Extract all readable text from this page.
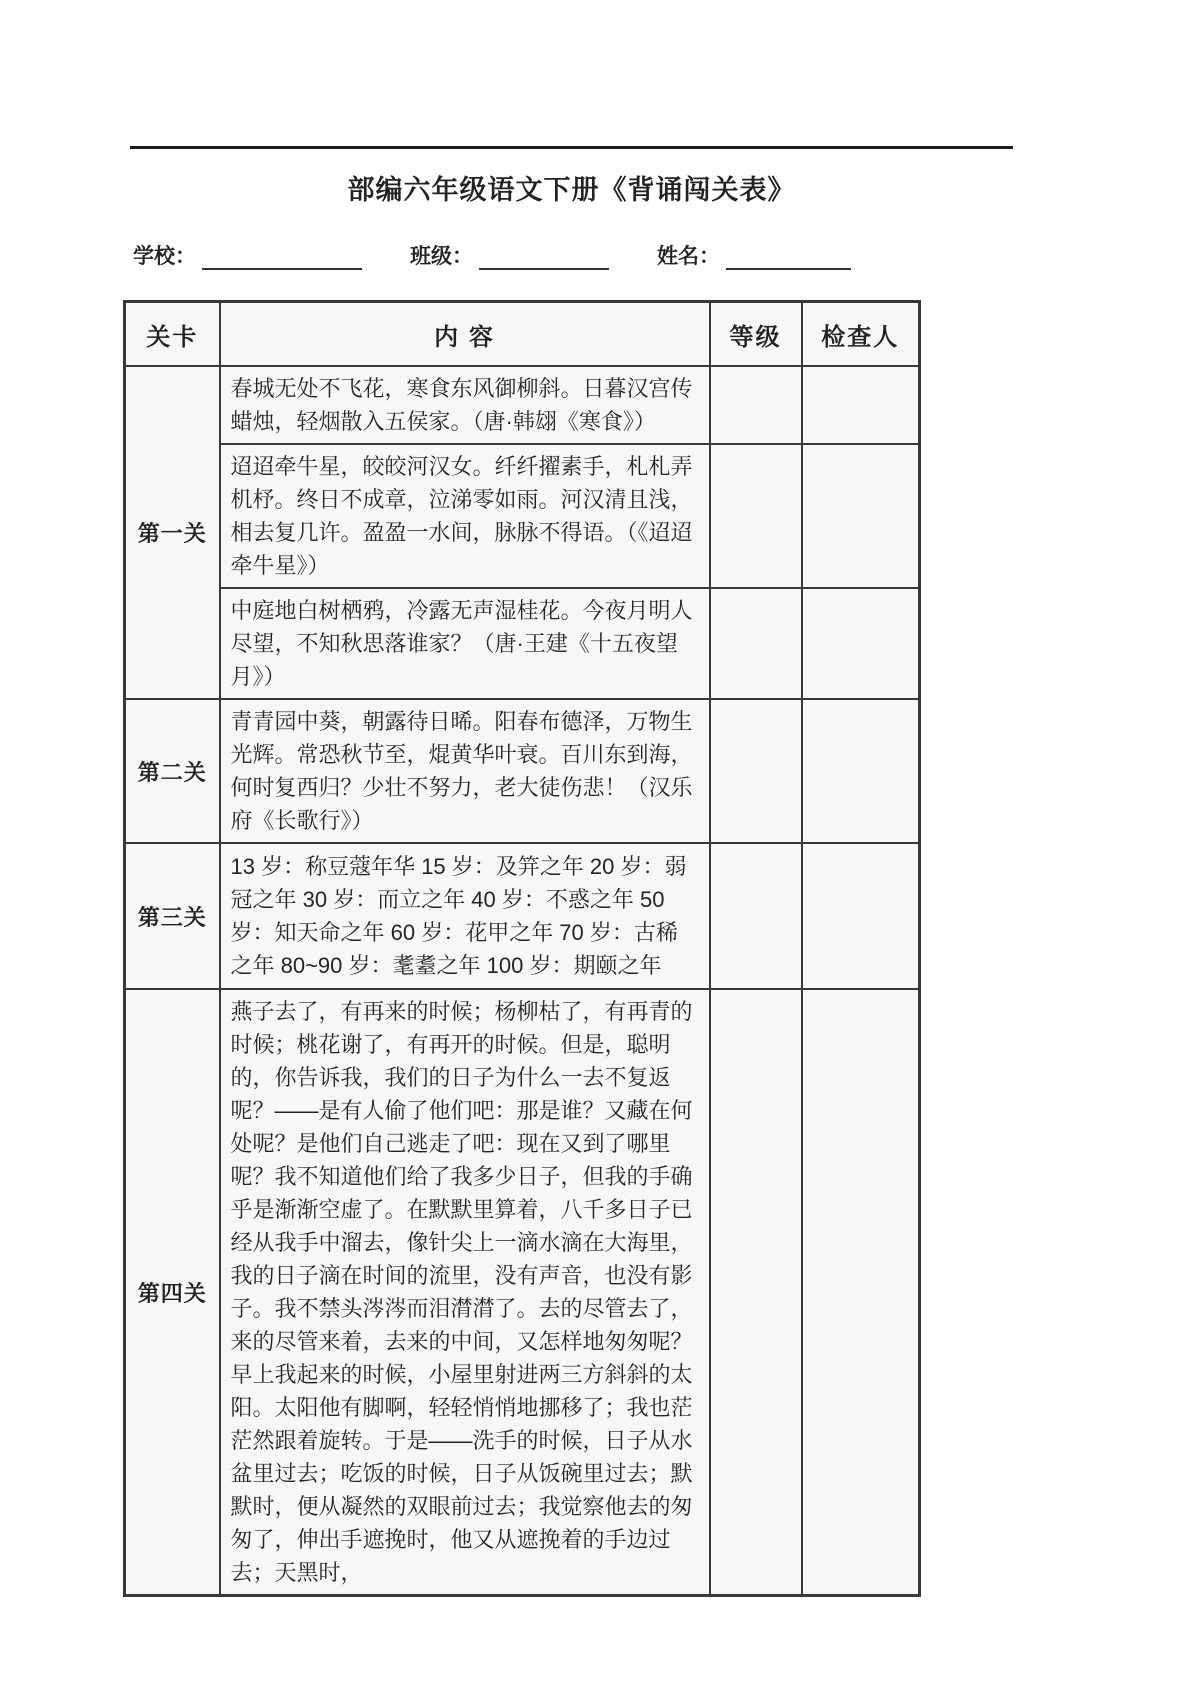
部编六年级语文下册《背诵闯关表》
学校：	班级：	姓名：
关卡	内 容	等级	检查人
第一关	春城无处不飞花，寒食东风御柳斜。日暮汉宫传蜡烛，轻烟散入五侯家。（唐·韩翃《寒食》）		
	迢迢牵牛星，皎皎河汉女。纤纤擢素手，札札弄机杼。终日不成章，泣涕零如雨。河汉清且浅，相去复几许。盈盈一水间，脉脉不得语。（《迢迢牵牛星》）		
	中庭地白树栖鸦，冷露无声湿桂花。今夜月明人尽望，不知秋思落谁家？（唐·王建《十五夜望月》）		
第二关	青青园中葵，朝露待日晞。阳春布德泽，万物生光辉。常恐秋节至，焜黄华叶衰。百川东到海，何时复西归？少壮不努力，老大徒伤悲！（汉乐府《长歌行》）		
第三关	13 岁：称豆蔻年华 15 岁：及笄之年 20 岁：弱冠之年 30 岁：而立之年 40 岁：不惑之年 50 岁：知天命之年 60 岁：花甲之年 70 岁：古稀之年 80~90 岁：耄耋之年 100 岁：期颐之年		
第四关	燕子去了，有再来的时候；杨柳枯了，有再青的时候；桃花谢了，有再开的时候。但是，聪明的，你告诉我，我们的日子为什么一去不复返呢？——是有人偷了他们吧：那是谁？又藏在何处呢？是他们自己逃走了吧：现在又到了哪里呢？我不知道他们给了我多少日子，但我的手确乎是渐渐空虚了。在默默里算着，八千多日子已经从我手中溜去，像针尖上一滴水滴在大海里，我的日子滴在时间的流里，没有声音，也没有影子。我不禁头涔涔而泪潸潸了。去的尽管去了，来的尽管来着，去来的中间，又怎样地匆匆呢？早上我起来的时候，小屋里射进两三方斜斜的太阳。太阳他有脚啊，轻轻悄悄地挪移了；我也茫茫然跟着旋转。于是——洗手的时候，日子从水盆里过去；吃饭的时候，日子从饭碗里过去；默默时，便从凝然的双眼前过去；我觉察他去的匆匆了，伸出手遮挽时，他又从遮挽着的手边过去；天黑时，		
